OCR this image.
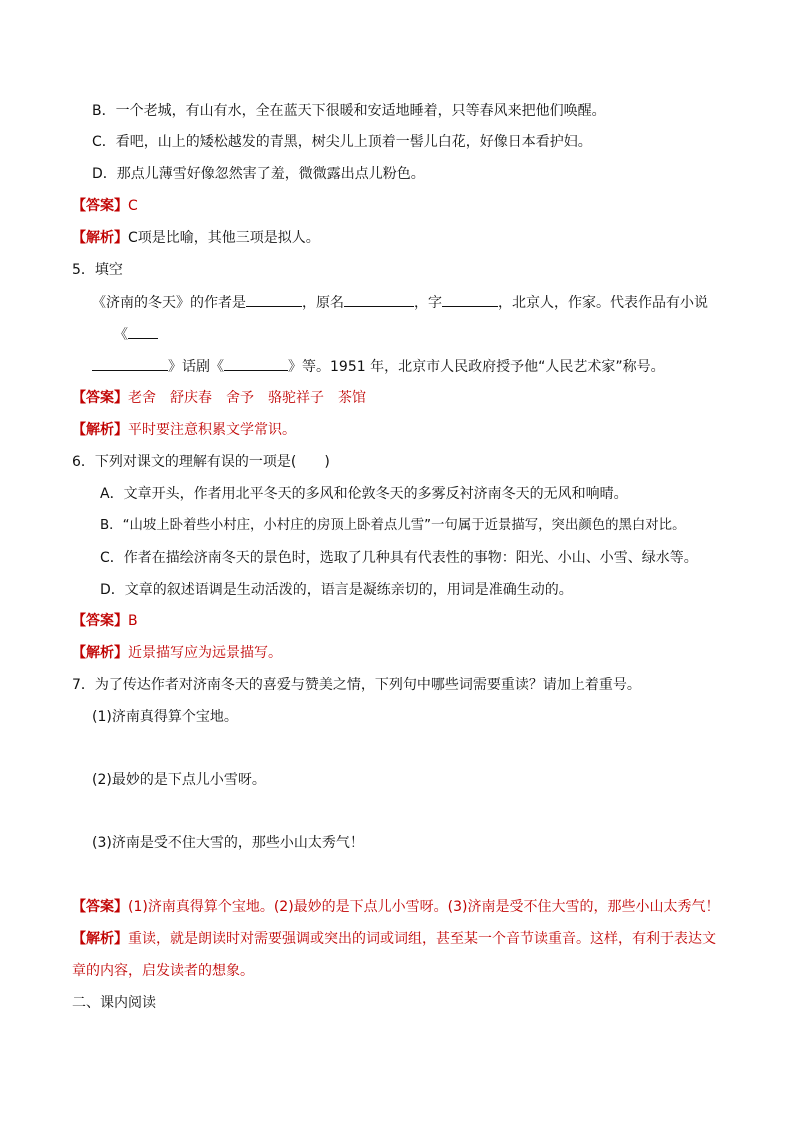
B．一个老城，有山有水，全在蓝天下很暖和安适地睡着，只等春风来把他们唤醒。
C．看吧，山上的矮松越发的青黑，树尖儿上顶着一髻儿白花，好像日本看护妇。
D．那点儿薄雪好像忽然害了羞，微微露出点儿粉色。
【答案】C
【解析】C项是比喻，其他三项是拟人。
5．填空
《济南的冬天》的作者是	，原名	，字	，北京人，作家。代表作品有小说
《
》话剧《	》等。1951 年，北京市人民政府授予他“人民艺术家”称号。
【答案】老舍　舒庆春　舍予　骆驼祥子　茶馆
【解析】平时要注意积累文学常识。
6．下列对课文的理解有误的一项是(　　)
A．文章开头，作者用北平冬天的多风和伦敦冬天的多雾反衬济南冬天的无风和响晴。
B．“山坡上卧着些小村庄，小村庄的房顶上卧着点儿雪”一句属于近景描写，突出颜色的黑白对比。
C．作者在描绘济南冬天的景色时，选取了几种具有代表性的事物：阳光、小山、小雪、绿水等。
D．文章的叙述语调是生动活泼的，语言是凝练亲切的，用词是准确生动的。
【答案】B
【解析】近景描写应为远景描写。
7．为了传达作者对济南冬天的喜爱与赞美之情，下列句中哪些词需要重读？请加上着重号。
(1)济南真得算个宝地。
(2)最妙的是下点儿小雪呀。
(3)济南是受不住大雪的，那些小山太秀气！
【答案】(1)济南真得算个宝地。(2)最妙的是下点儿小雪呀。(3)济南是受不住大雪的，那些小山太秀气！
【解析】重读，就是朗读时对需要强调或突出的词或词组，甚至某一个音节读重音。这样，有利于表达文
章的内容，启发读者的想象。
二、课内阅读
